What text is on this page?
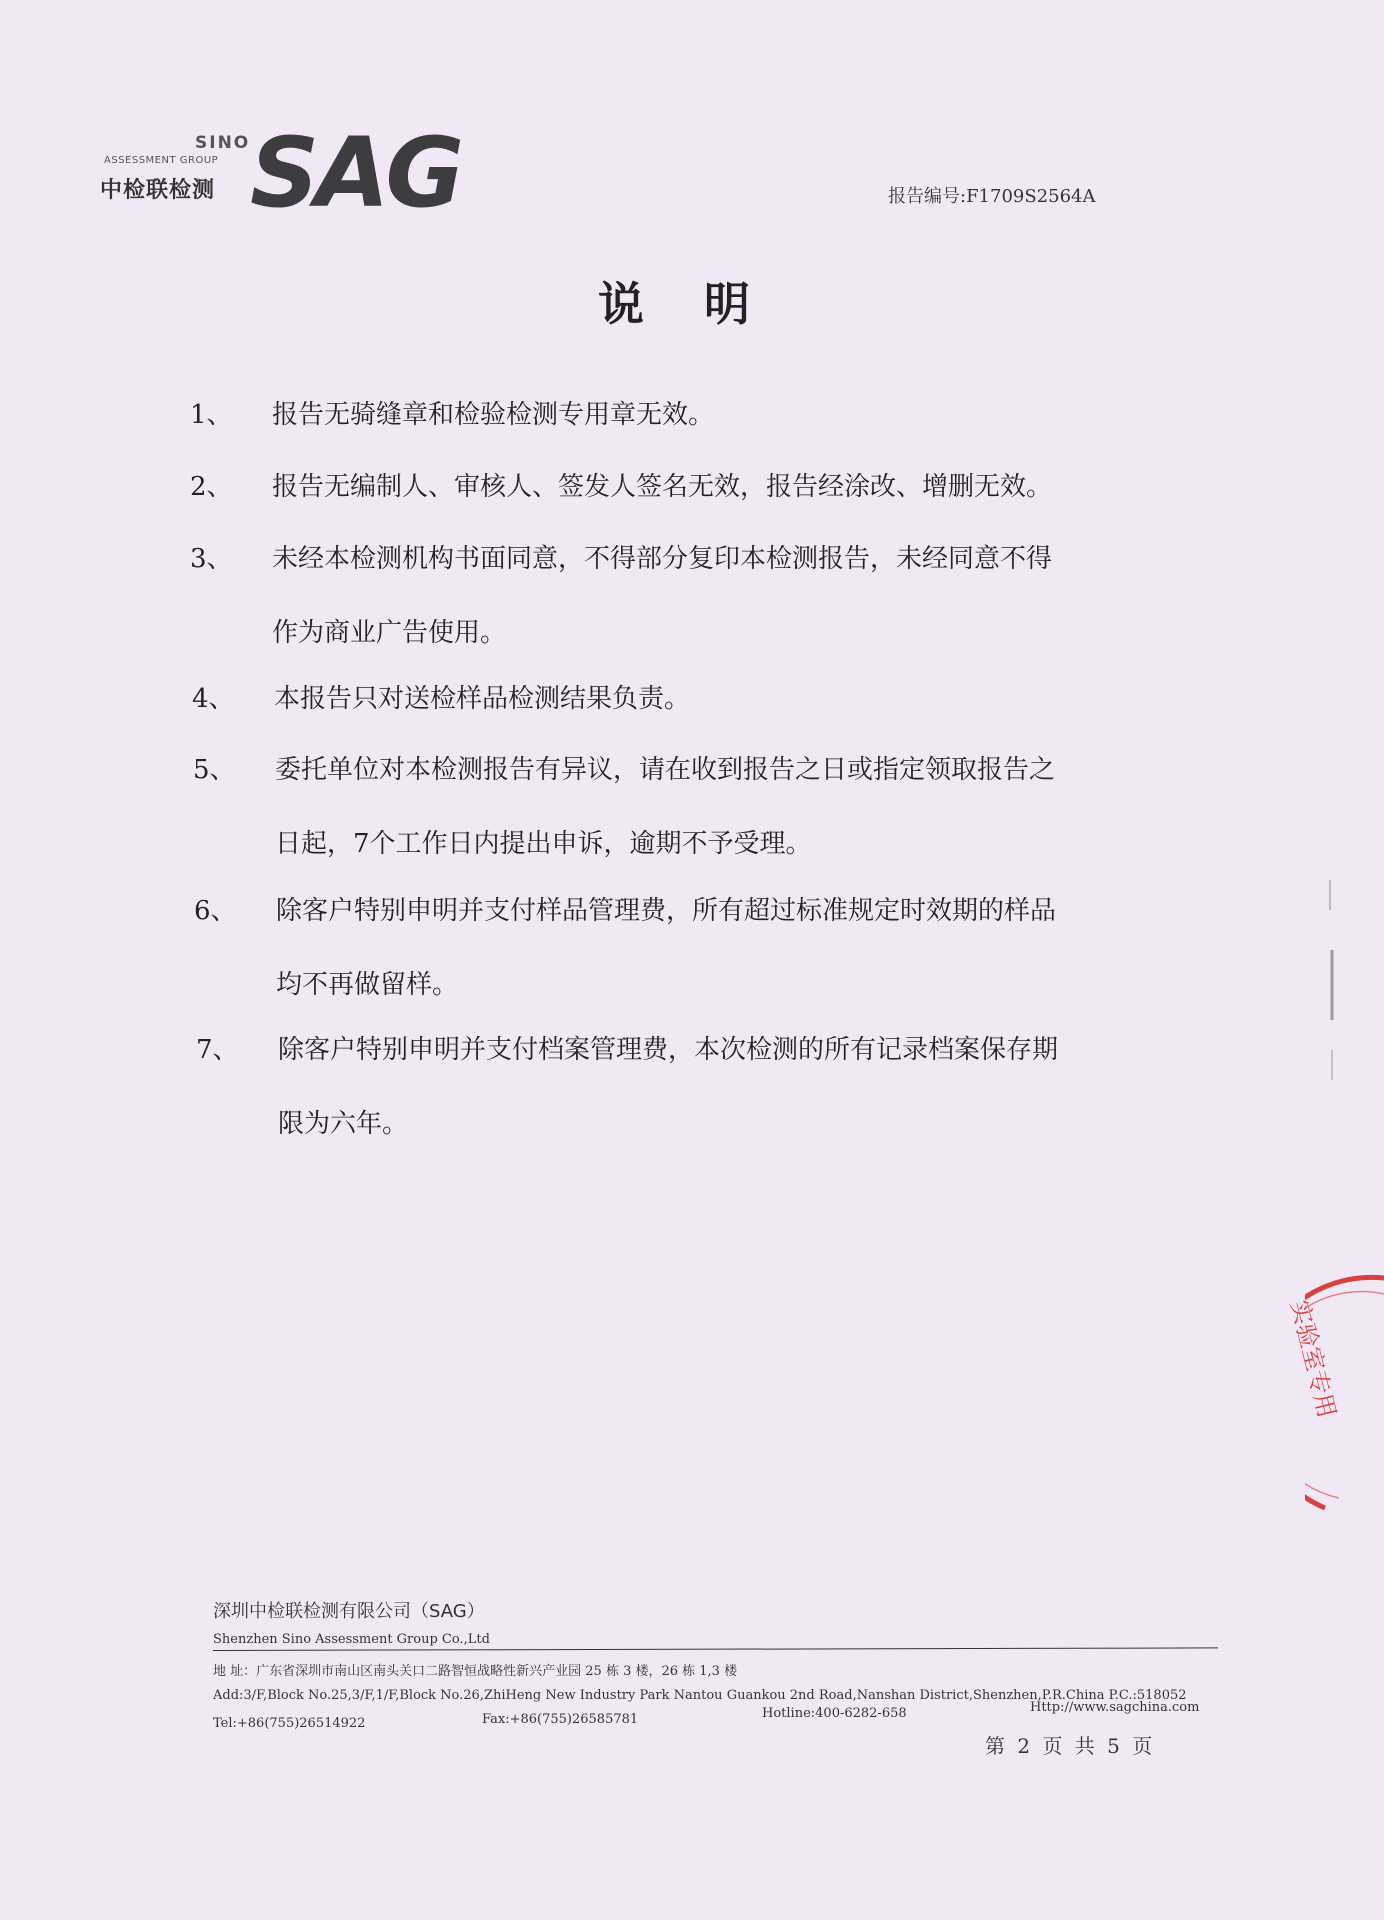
SINO
ASSESSMENT GROUP
中检联检测 SAG	报告编号:F1709S2564A
说明
1、	报告无骑缝章和检验检测专用章无效。
2、	报告无编制人、审核人、签发人签名无效，报告经涂改、增删无效。
3、	未经本检测机构书面同意，不得部分复印本检测报告，未经同意不得
作为商业广告使用。
4、	本报告只对送检样品检测结果负责。
5、	委托单位对本检测报告有异议，请在收到报告之日或指定领取报告之
日起，7个工作日内提出申诉，逾期不予受理。
6、	除客户特别申明并支付样品管理费，所有超过标准规定时效期的样品
均不再做留样。
7、	除客户特别申明并支付档案管理费，本次检测的所有记录档案保存期
限为六年。
深圳中检联检测有限公司（SAG）
Shenzhen Sino Assessment Group Co.,Ltd
地 址：广东省深圳市南山区南头关口二路智恒战略性新兴产业园 25 栋 3 楼，26 栋 1,3 楼
Add:3/F,Block No.25,3/F,1/F,Block No.26,ZhiHeng New Industry Park Nantou Guankou 2nd Road,Nanshan District,Shenzhen,P.R.China P.C.:518052
Tel:+86(755)26514922	Fax:+86(755)26585781	Hotline:400-6282-658	Http://www.sagchina.com
第 2 页 共 5 页
实验室专用
